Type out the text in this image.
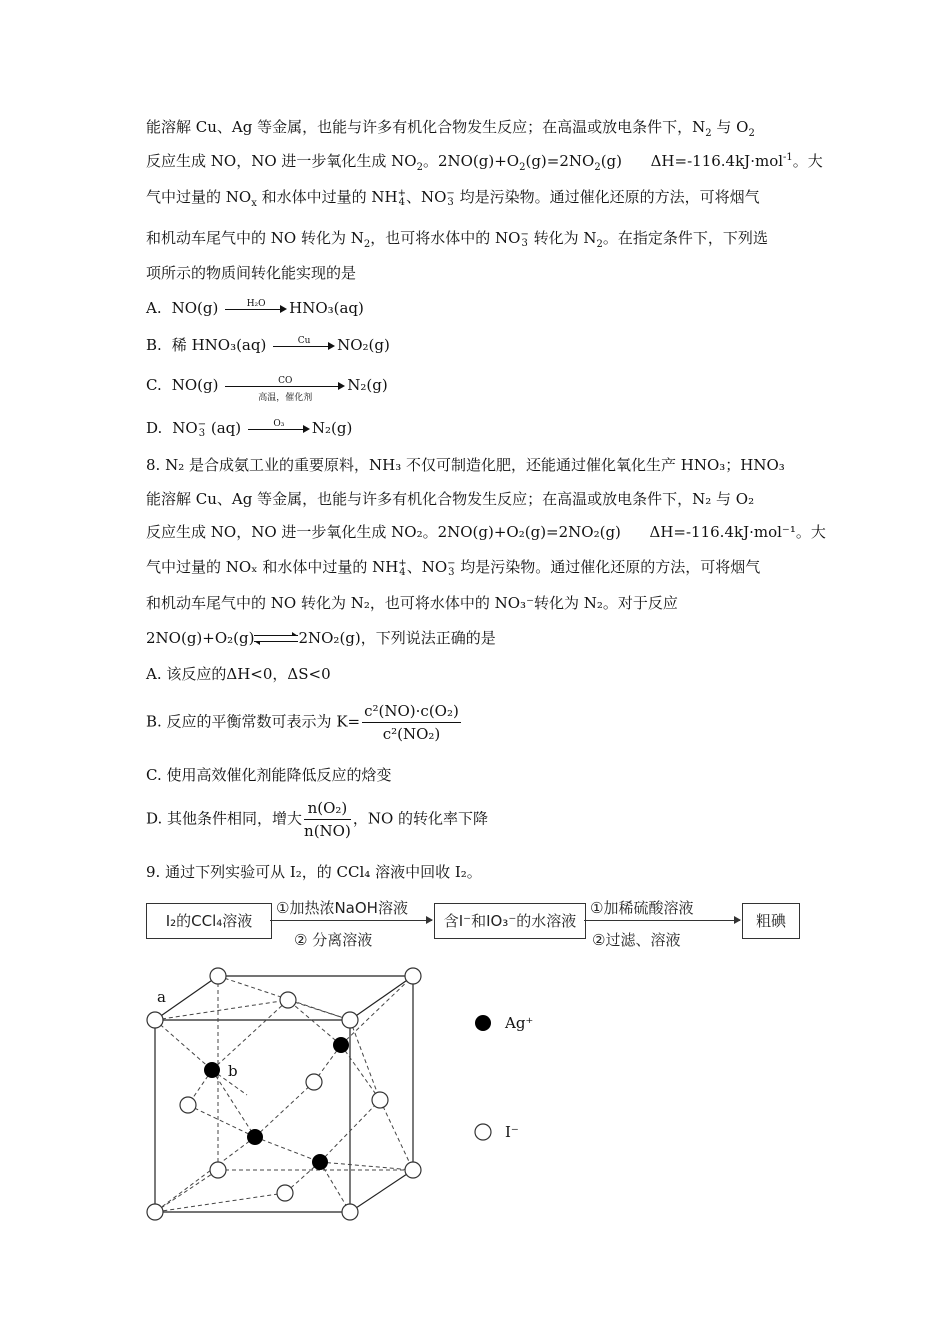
能溶解 Cu、Ag 等金属，也能与许多有机化合物发生反应；在高温或放电条件下，$N_2$ 与 $O_2$
反应生成 NO，NO 进一步氧化生成 $NO_2$。$2NO(g)+O_2(g)=2NO_2(g)$      ΔH=-116.4kJ·mol$^{-1}$。大
气中过量的 $NO_x$ 和水体中过量的 NH +
4 、NO −
3 均是污染物。通过催化还原的方法，可将烟气
和机动车尾气中的 NO 转化为 $N_2$，也可将水体中的 NO −
3 转化为 $N_2$。在指定条件下，下列选
项所示的物质间转化能实现的是
A. NO(g)	H₂O	HNO₃(aq)
B. 稀 HNO₃(aq)	Cu	NO₂(g)
C. NO(g)	CO
高温，催化剂
N₂(g)
D. NO −
3 (aq)	O₃	N₂(g)
8. N₂ 是合成氨工业的重要原料，NH₃ 不仅可制造化肥，还能通过催化氧化生产 HNO₃；HNO₃
能溶解 Cu、Ag 等金属，也能与许多有机化合物发生反应；在高温或放电条件下，N₂ 与 O₂
反应生成 NO，NO 进一步氧化生成 NO₂。2NO(g)+O₂(g)=2NO₂(g)      ΔH=-116.4kJ·mol⁻¹。大
气中过量的 NOₓ 和水体中过量的 NH +
4 、NO −
3 均是污染物。通过催化还原的方法，可将烟气
和机动车尾气中的 NO 转化为 N₂，也可将水体中的 NO₃⁻转化为 N₂。对于反应
2NO(g)+O₂(g)⇌2NO₂(g)，下列说法正确的是
A. 该反应的ΔH<0，ΔS<0
B. 反应的平衡常数可表示为 $K= \frac{\text{c²(NO)·c(O₂)}}{\text{c²(NO₂)}}$
C. 使用高效催化剂能降低反应的焓变
D. 其他条件相同，增大 $\frac{\text{n(O₂)}}{n(NO)}$ ，NO 的转化率下降
9. 通过下列实验可从 I₂，的 CCl₄ 溶液中回收 I₂。
I₂的CCl₄溶液
①加热浓NaOH溶液
② 分离溶液
含I⁻和IO₃⁻的水溶液
①加稀硫酸溶液
②过滤、溶液
粗碘
a
b
Ag⁺
I⁻
